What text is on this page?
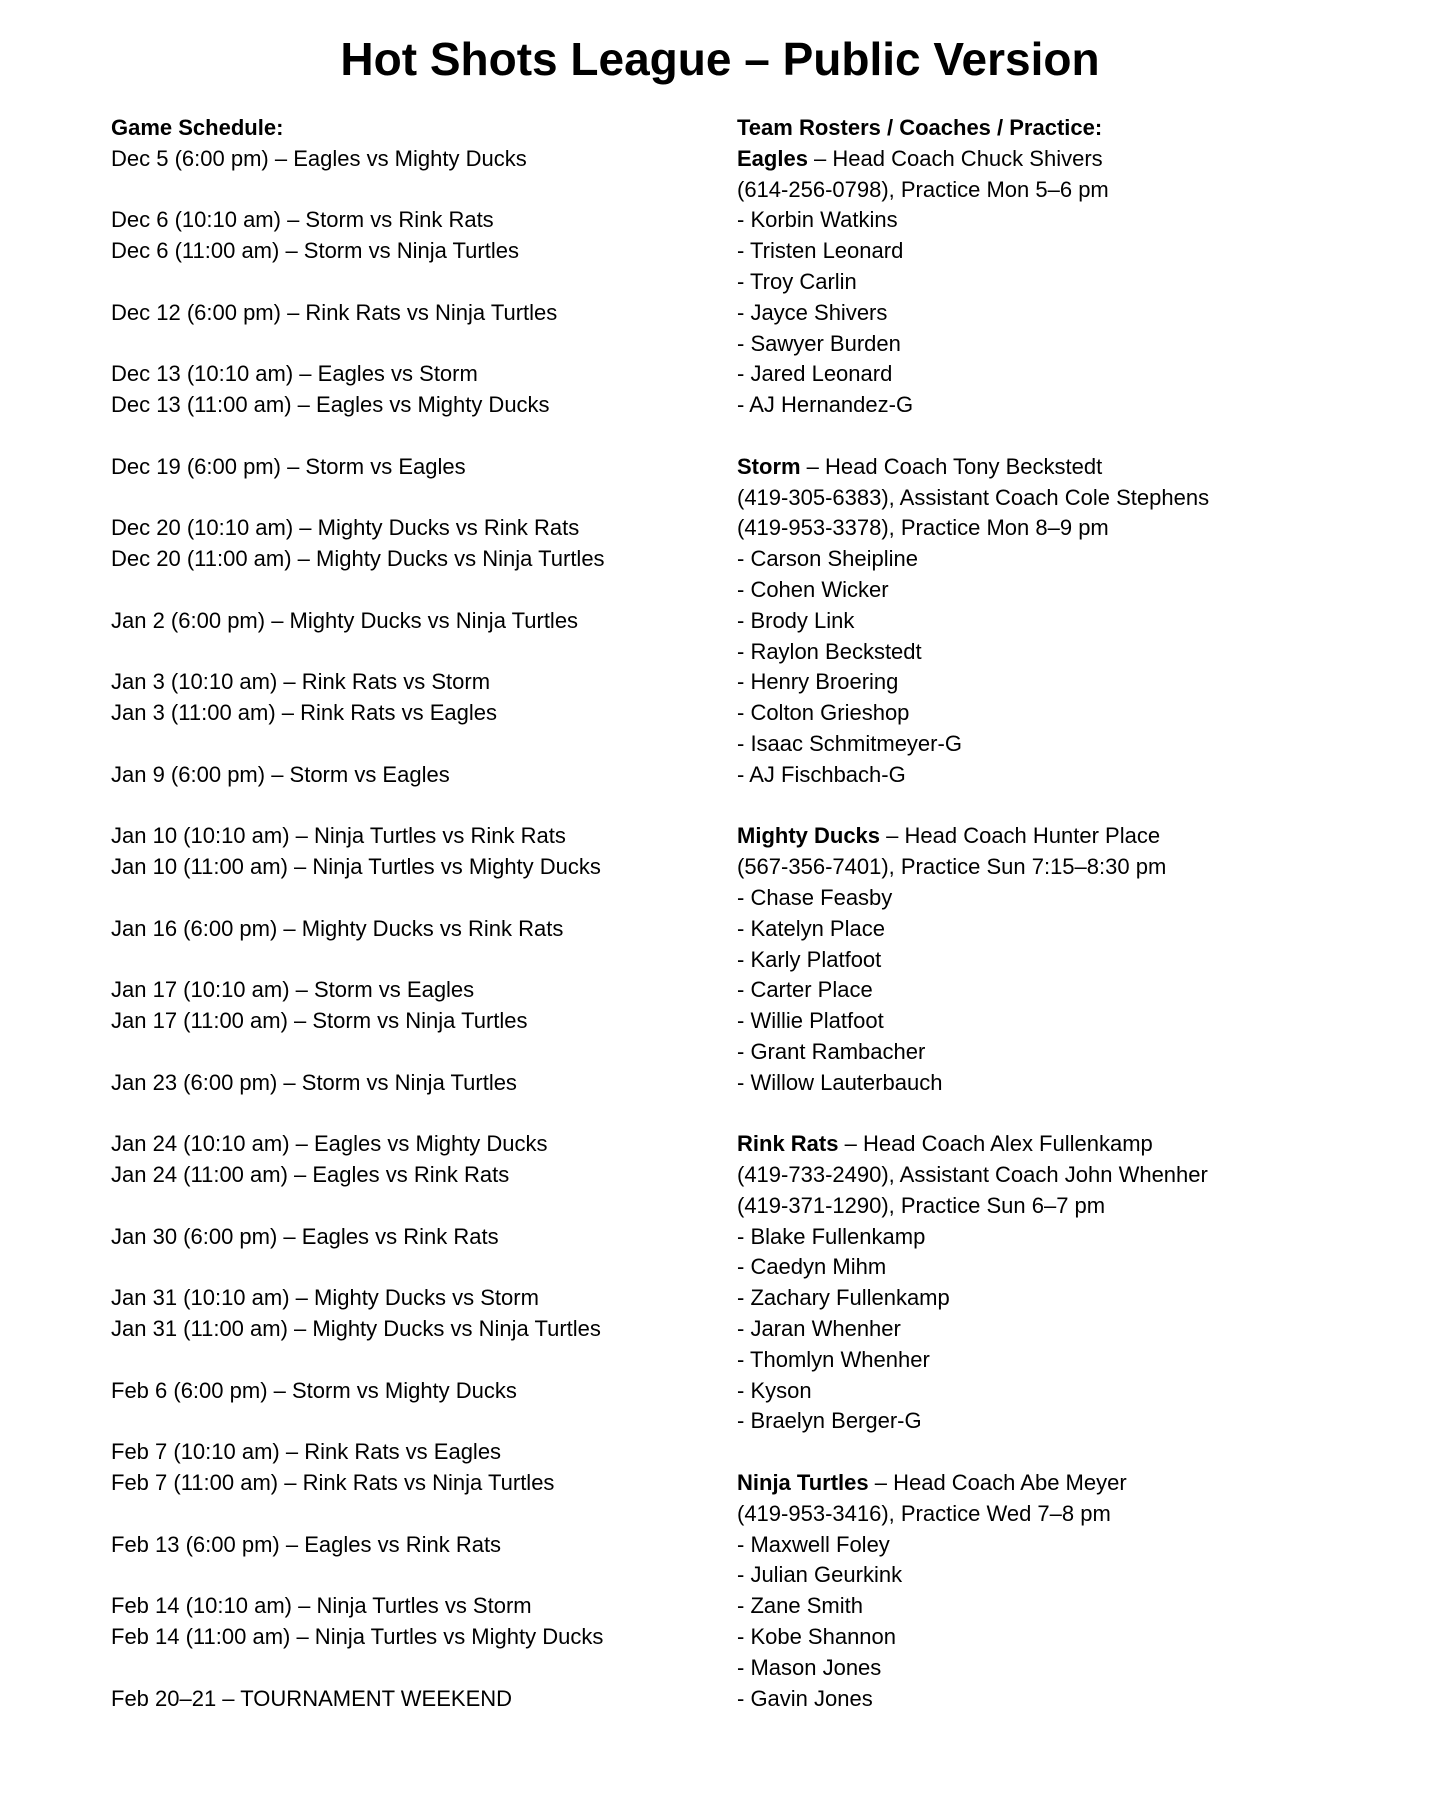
Hot Shots League – Public Version
Game Schedule:
Dec 5 (6:00 pm) – Eagles vs Mighty Ducks
Dec 6 (10:10 am) – Storm vs Rink Rats
Dec 6 (11:00 am) – Storm vs Ninja Turtles
Dec 12 (6:00 pm) – Rink Rats vs Ninja Turtles
Dec 13 (10:10 am) – Eagles vs Storm
Dec 13 (11:00 am) – Eagles vs Mighty Ducks
Dec 19 (6:00 pm) – Storm vs Eagles
Dec 20 (10:10 am) – Mighty Ducks vs Rink Rats
Dec 20 (11:00 am) – Mighty Ducks vs Ninja Turtles
Jan 2 (6:00 pm) – Mighty Ducks vs Ninja Turtles
Jan 3 (10:10 am) – Rink Rats vs Storm
Jan 3 (11:00 am) – Rink Rats vs Eagles
Jan 9 (6:00 pm) – Storm vs Eagles
Jan 10 (10:10 am) – Ninja Turtles vs Rink Rats
Jan 10 (11:00 am) – Ninja Turtles vs Mighty Ducks
Jan 16 (6:00 pm) – Mighty Ducks vs Rink Rats
Jan 17 (10:10 am) – Storm vs Eagles
Jan 17 (11:00 am) – Storm vs Ninja Turtles
Jan 23 (6:00 pm) – Storm vs Ninja Turtles
Jan 24 (10:10 am) – Eagles vs Mighty Ducks
Jan 24 (11:00 am) – Eagles vs Rink Rats
Jan 30 (6:00 pm) – Eagles vs Rink Rats
Jan 31 (10:10 am) – Mighty Ducks vs Storm
Jan 31 (11:00 am) – Mighty Ducks vs Ninja Turtles
Feb 6 (6:00 pm) – Storm vs Mighty Ducks
Feb 7 (10:10 am) – Rink Rats vs Eagles
Feb 7 (11:00 am) – Rink Rats vs Ninja Turtles
Feb 13 (6:00 pm) – Eagles vs Rink Rats
Feb 14 (10:10 am) – Ninja Turtles vs Storm
Feb 14 (11:00 am) – Ninja Turtles vs Mighty Ducks
Feb 20–21 – TOURNAMENT WEEKEND
Team Rosters / Coaches / Practice:
Eagles – Head Coach Chuck Shivers
(614-256-0798), Practice Mon 5–6 pm
- Korbin Watkins
- Tristen Leonard
- Troy Carlin
- Jayce Shivers
- Sawyer Burden
- Jared Leonard
- AJ Hernandez-G
Storm – Head Coach Tony Beckstedt
(419-305-6383), Assistant Coach Cole Stephens
(419-953-3378), Practice Mon 8–9 pm
- Carson Sheipline
- Cohen Wicker
- Brody Link
- Raylon Beckstedt
- Henry Broering
- Colton Grieshop
- Isaac Schmitmeyer-G
- AJ Fischbach-G
Mighty Ducks – Head Coach Hunter Place
(567-356-7401), Practice Sun 7:15–8:30 pm
- Chase Feasby
- Katelyn Place
- Karly Platfoot
- Carter Place
- Willie Platfoot
- Grant Rambacher
- Willow Lauterbauch
Rink Rats – Head Coach Alex Fullenkamp
(419-733-2490), Assistant Coach John Whenher
(419-371-1290), Practice Sun 6–7 pm
- Blake Fullenkamp
- Caedyn Mihm
- Zachary Fullenkamp
- Jaran Whenher
- Thomlyn Whenher
- Kyson
- Braelyn Berger-G
Ninja Turtles – Head Coach Abe Meyer
(419-953-3416), Practice Wed 7–8 pm
- Maxwell Foley
- Julian Geurkink
- Zane Smith
- Kobe Shannon
- Mason Jones
- Gavin Jones
